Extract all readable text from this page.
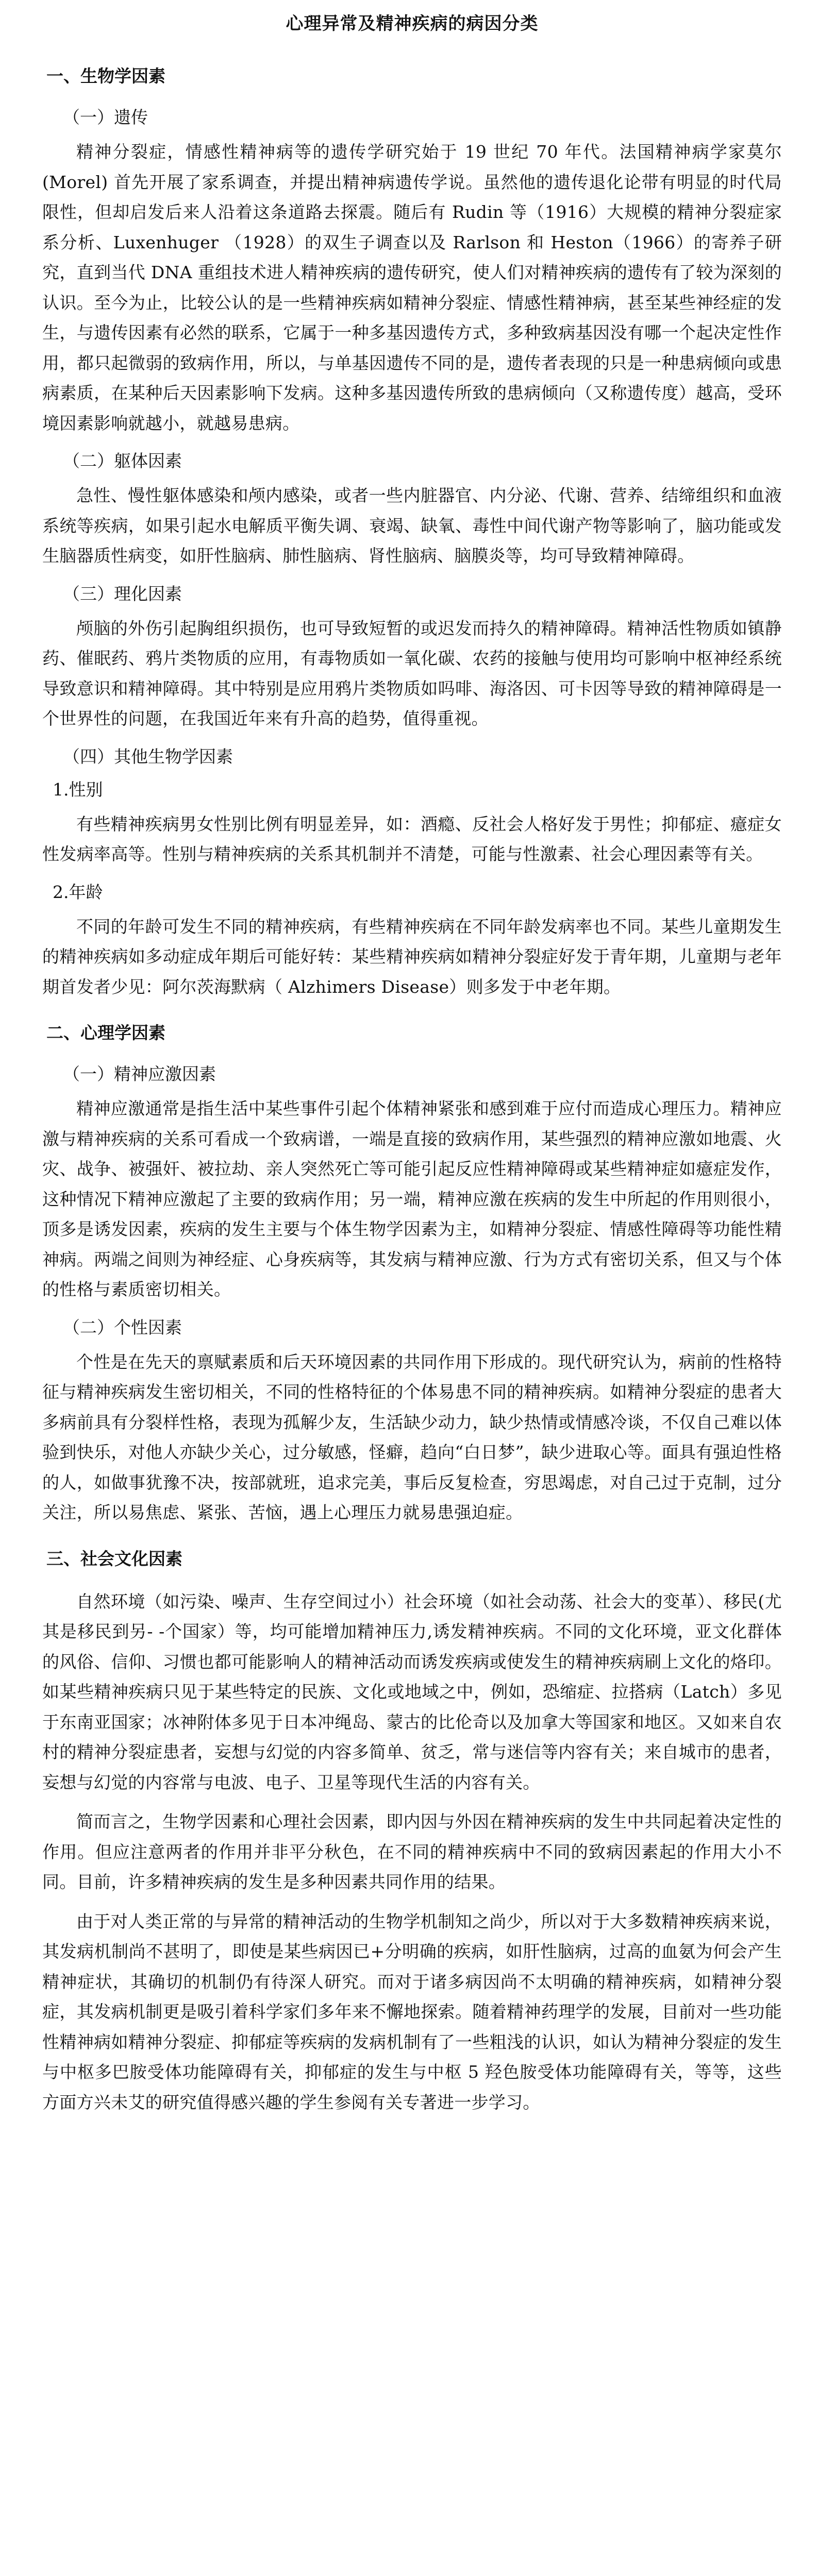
心理异常及精神疾病的病因分类
一、生物学因素
（一）遗传

精神分裂症，情感性精神病等的遗传学研究始于 19 世纪 70 年代。法国精神病学家莫尔(Morel) 首先开展了家系调查，并提出精神病遗传学说。虽然他的遗传退化论带有明显的时代局限性，但却启发后来人沿着这条道路去探震。随后有 Rudin 等（1916）大规模的精神分裂症家系分析、Luxenhuger （1928）的双生子调查以及 Rarlson 和 Heston（1966）的寄养子研究，直到当代 DNA 重组技术进人精神疾病的遗传研究，使人们对精神疾病的遗传有了较为深刻的认识。至今为止，比较公认的是一些精神疾病如精神分裂症、情感性精神病，甚至某些神经症的发生，与遗传因素有必然的联系，它属于一种多基因遗传方式，多种致病基因没有哪一个起决定性作用，都只起微弱的致病作用，所以，与单基因遗传不同的是，遗传者表现的只是一种患病倾向或患病素质，在某种后天因素影响下发病。这种多基因遗传所致的患病倾向（又称遗传度）越高，受环境因素影响就越小，就越易患病。

（二）躯体因素

急性、慢性躯体感染和颅内感染，或者一些内脏器官、内分泌、代谢、营养、结缔组织和血液系统等疾病，如果引起水电解质平衡失调、衰竭、缺氧、毒性中间代谢产物等影响了，脑功能或发生脑器质性病变，如肝性脑病、肺性脑病、肾性脑病、脑膜炎等，均可导致精神障碍。

（三）理化因素

颅脑的外伤引起胸组织损伤，也可导致短暂的或迟发而持久的精神障碍。精神活性物质如镇静药、催眠药、鸦片类物质的应用，有毒物质如一氧化碳、农药的接触与使用均可影响中枢神经系统导致意识和精神障碍。其中特别是应用鸦片类物质如吗啡、海洛因、可卡因等导致的精神障碍是一个世界性的问题，在我国近年来有升高的趋势，值得重视。

（四）其他生物学因素
1.性别

有些精神疾病男女性别比例有明显差异，如：酒瘾、反社会人格好发于男性；抑郁症、癔症女性发病率高等。性别与精神疾病的关系其机制并不清楚，可能与性激素、社会心理因素等有关。

2.年龄

不同的年龄可发生不同的精神疾病，有些精神疾病在不同年龄发病率也不同。某些儿童期发生的精神疾病如多动症成年期后可能好转：某些精神疾病如精神分裂症好发于青年期，儿童期与老年期首发者少见：阿尔茨海默病（ Alzhimers Disease）则多发于中老年期。

二、心理学因素
（一）精神应激因素

精神应激通常是指生活中某些事件引起个体精神紧张和感到难于应付而造成心理压力。精神应激与精神疾病的关系可看成一个致病谱，一端是直接的致病作用，某些强烈的精神应激如地震、火灾、战争、被强奸、被拉劫、亲人突然死亡等可能引起反应性精神障碍或某些精神症如癔症发作，这种情况下精神应激起了主要的致病作用；另一端，精神应激在疾病的发生中所起的作用则很小，顶多是诱发因素，疾病的发生主要与个体生物学因素为主，如精神分裂症、情感性障碍等功能性精神病。两端之间则为神经症、心身疾病等，其发病与精神应激、行为方式有密切关系，但又与个体的性格与素质密切相关。

（二）个性因素

个性是在先天的禀赋素质和后天环境因素的共同作用下形成的。现代研究认为，病前的性格特征与精神疾病发生密切相关，不同的性格特征的个体易患不同的精神疾病。如精神分裂症的患者大多病前具有分裂样性格，表现为孤解少友，生活缺少动力，缺少热情或情感冷谈，不仅自己难以体验到快乐，对他人亦缺少关心，过分敏感，怪癖，趋向“白日梦”，缺少进取心等。面具有强迫性格的人，如做事犹豫不决，按部就班，追求完美，事后反复检查，穷思竭虑，对自己过于克制，过分关注，所以易焦虑、紧张、苦恼，遇上心理压力就易患强迫症。

三、社会文化因素

自然环境（如污染、噪声、生存空间过小）社会环境（如社会动荡、社会大的变革）、移民(尤其是移民到另- -个国家）等，均可能增加精神压力,诱发精神疾病。不同的文化环境，亚文化群体的风俗、信仰、习惯也都可能影响人的精神活动而诱发疾病或使发生的精神疾病刷上文化的烙印。如某些精神疾病只见于某些特定的民族、文化或地域之中，例如，恐缩症、拉搭病（Latch）多见于东南亚国家；冰神附体多见于日本冲绳岛、蒙古的比伦奇以及加拿大等国家和地区。又如来自农村的精神分裂症患者，妄想与幻觉的内容多简单、贫乏，常与迷信等内容有关；来自城市的患者，妄想与幻觉的内容常与电波、电子、卫星等现代生活的内容有关。

简而言之，生物学因素和心理社会因素，即内因与外因在精神疾病的发生中共同起着决定性的作用。但应注意两者的作用并非平分秋色，在不同的精神疾病中不同的致病因素起的作用大小不同。目前，许多精神疾病的发生是多种因素共同作用的结果。

由于对人类正常的与异常的精神活动的生物学机制知之尚少，所以对于大多数精神疾病来说，其发病机制尚不甚明了，即使是某些病因已+分明确的疾病，如肝性脑病，过高的血氨为何会产生精神症状，其确切的机制仍有待深人研究。而对于诸多病因尚不太明确的精神疾病，如精神分裂症，其发病机制更是吸引着科学家们多年来不懈地探索。随着精神药理学的发展，目前对一些功能性精神病如精神分裂症、抑郁症等疾病的发病机制有了一些粗浅的认识，如认为精神分裂症的发生与中枢多巴胺受体功能障碍有关，抑郁症的发生与中枢 5 羟色胺受体功能障碍有关，等等，这些方面方兴未艾的研究值得感兴趣的学生参阅有关专著进一步学习。
